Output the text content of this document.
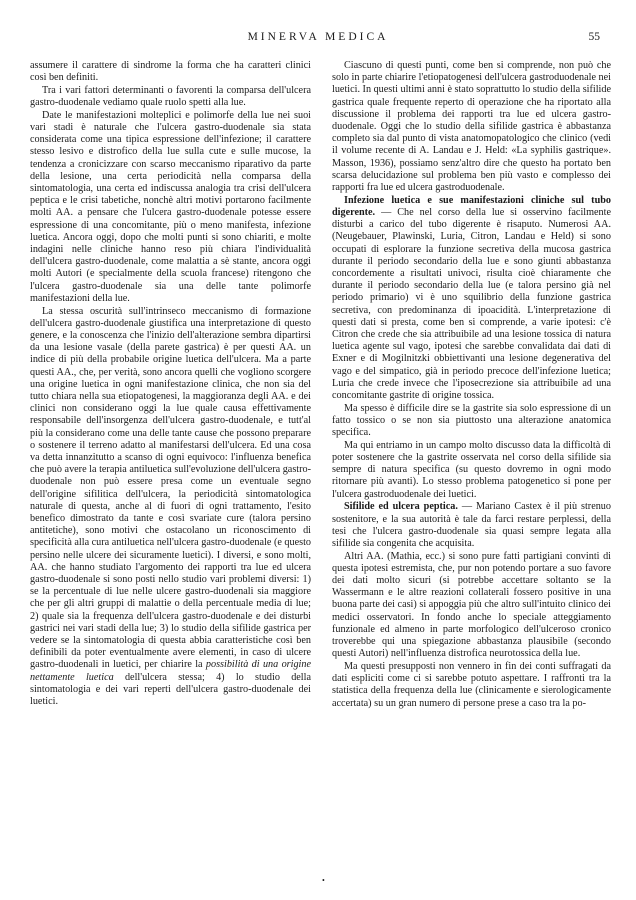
MINERVA MEDICA	55

assumere il carattere di sindrome la forma che ha caratteri clinici così ben definiti.

Tra i vari fattori determinanti o favorenti la comparsa dell'ulcera gastro-duodenale vediamo quale ruolo spetti alla lue.

Date le manifestazioni molteplici e polimorfe della lue nei suoi vari stadi è naturale che l'ulcera gastro-duodenale sia stata considerata come una tipica espressione dell'infezione; il carattere stesso lesivo e distrofico della lue sulla cute e sulle mucose, la tendenza a cronicizzare con scarso meccanismo riparativo da parte della lesione, una certa periodicità nella comparsa della sintomatologia, una certa ed indiscussa analogia tra crisi dell'ulcera peptica e le crisi tabetiche, nonchè altri motivi portarono facilmente molti AA. a pensare che l'ulcera gastro-duodenale potesse essere espressione di una concomitante, più o meno manifesta, infezione luetica. Ancora oggi, dopo che molti punti si sono chiariti, e molte indagini nelle cliniche hanno reso più chiara l'individualità dell'ulcera gastro-duodenale, come malattia a sè stante, ancora oggi molti Autori (e specialmente della scuola francese) ritengono che l'ulcera gastro-duodenale sia una delle tante polimorfe manifestazioni della lue.

La stessa oscurità sull'intrinseco meccanismo di formazione dell'ulcera gastro-duodenale giustifica una interpretazione di questo genere, e la conoscenza che l'inizio dell'alterazione sembra dipartirsi da una lesione vasale (della parete gastrica) è per questi AA. un indice di più della probabile origine luetica dell'ulcera. Ma a parte questi AA., che, per verità, sono ancora quelli che vogliono scorgere una origine luetica in ogni manifestazione clinica, che non sia del tutto chiara nella sua etiopatogenesi, la maggioranza degli AA. e dei clinici non considerano oggi la lue quale causa effettivamente responsabile dell'insorgenza dell'ulcera gastro-duodenale, e tutt'al più la considerano come una delle tante cause che possono preparare o sostenere il terreno adatto al manifestarsi dell'ulcera. Ed una cosa va detta innanzitutto a scanso di ogni equivoco: l'influenza benefica che può avere la terapia antiluetica sull'evoluzione dell'ulcera gastro-duodenale non può essere presa come un eventuale segno dell'origine sifilitica dell'ulcera, la periodicità sintomatologica naturale di questa, anche al di fuori di ogni trattamento, l'esito benefico dimostrato da tante e così svariate cure (talora persino antitetiche), sono motivi che ostacolano un riconoscimento di specificità alla cura antiluetica nell'ulcera gastro-duodenale (e questo persino nelle ulcere dei sicuramente luetici). I diversi, e sono molti, AA. che hanno studiato l'argomento dei rapporti tra lue ed ulcera gastro-duodenale si sono posti nello studio vari problemi diversi: 1) se la percentuale di lue nelle ulcere gastro-duodenali sia maggiore che per gli altri gruppi di malattie o della percentuale media di lue; 2) quale sia la frequenza dell'ulcera gastro-duodenale e dei disturbi gastrici nei vari stadi della lue; 3) lo studio della sifilide gastrica per vedere se la sintomatologia di questa abbia caratteristiche così ben definibili da poter eventualmente avere elementi, in caso di ulcere gastro-duodenali in luetici, per chiarire la possibilità di una origine nettamente luetica dell'ulcera stessa; 4) lo studio della sintomatologia e dei vari reperti dell'ulcera gastro-duodenale dei luetici.

Ciascuno di questi punti, come ben si comprende, non può che solo in parte chiarire l'etiopatogenesi dell'ulcera gastroduodenale nei luetici. In questi ultimi anni è stato soprattutto lo studio della sifilide gastrica quale frequente reperto di operazione che ha riportato alla discussione il problema dei rapporti tra lue ed ulcera gastro-duodenale. Oggi che lo studio della sifilide gastrica è abbastanza completo sia dal punto di vista anatomopatologico che clinico (vedi il volume recente di A. Landau e J. Held: «La syphilis gastrique». Masson, 1936), possiamo senz'altro dire che questo ha portato ben scarsa delucidazione sul problema ben più vasto e complesso dei rapporti fra lue ed ulcera gastroduodenale.

Infezione luetica e sue manifestazioni cliniche sul tubo digerente. — Che nel corso della lue si osservino facilmente disturbi a carico del tubo digerente è risaputo. Numerosi AA. (Neugebauer, Plawinski, Luria, Citron, Landau e Held) si sono occupati di esplorare la funzione secretiva della mucosa gastrica durante il periodo secondario della lue e sono giunti abbastanza concordemente a risultati univoci, risulta cioè chiaramente che durante il periodo secondario della lue (e talora persino già nel periodo primario) vi è uno squilibrio della funzione gastrica secretiva, con predominanza di ipoacidità. L'interpretazione di questi dati si presta, come ben si comprende, a varie ipotesi: c'è Citron che crede che sia attribuibile ad una lesione tossica di natura luetica agente sul vago, ipotesi che sarebbe convalidata dai dati di Exner e di Mogilnitzki obbiettivanti una lesione degenerativa del vago e del simpatico, già in periodo precoce dell'infezione luetica; Luria che crede invece che l'iposecrezione sia attribuibile ad una concomitante gastrite di origine tossica.

Ma spesso è difficile dire se la gastrite sia solo espressione di un fatto tossico o se non sia piuttosto una alterazione anatomica specifica.

Ma qui entriamo in un campo molto discusso data la difficoltà di poter sostenere che la gastrite osservata nel corso della sifilide sia sempre di natura specifica (su questo dovremo in ogni modo ritornare più avanti). Lo stesso problema patogenetico si pone per l'ulcera gastroduodenale dei luetici.

Sifilide ed ulcera peptica. — Mariano Castex è il più strenuo sostenitore, e la sua autorità è tale da farci restare perplessi, della tesi che l'ulcera gastro-duodenale sia quasi sempre legata alla sifilide sia congenita che acquisita.

Altri AA. (Mathia, ecc.) si sono pure fatti partigiani convinti di questa ipotesi estremista, che, pur non potendo portare a suo favore dei dati molto sicuri (si potrebbe accettare soltanto se la Wassermann e le altre reazioni collaterali fossero positive in una buona parte dei casi) si appoggia più che altro sull'intuito clinico dei medici osservatori. In fondo anche lo speciale atteggiamento funzionale ed almeno in parte morfologico dell'ulceroso cronico troverebbe qui una spiegazione abbastanza plausibile (secondo questi Autori) nell'influenza distrofica neurotossica della lue.

Ma questi presupposti non vennero in fin dei conti suffragati da dati espliciti come ci si sarebbe potuto aspettare. I raffronti tra la statistica della frequenza della lue (clinicamente e sierologicamente accertata) su un gran numero di persone prese a caso tra la po-

•
